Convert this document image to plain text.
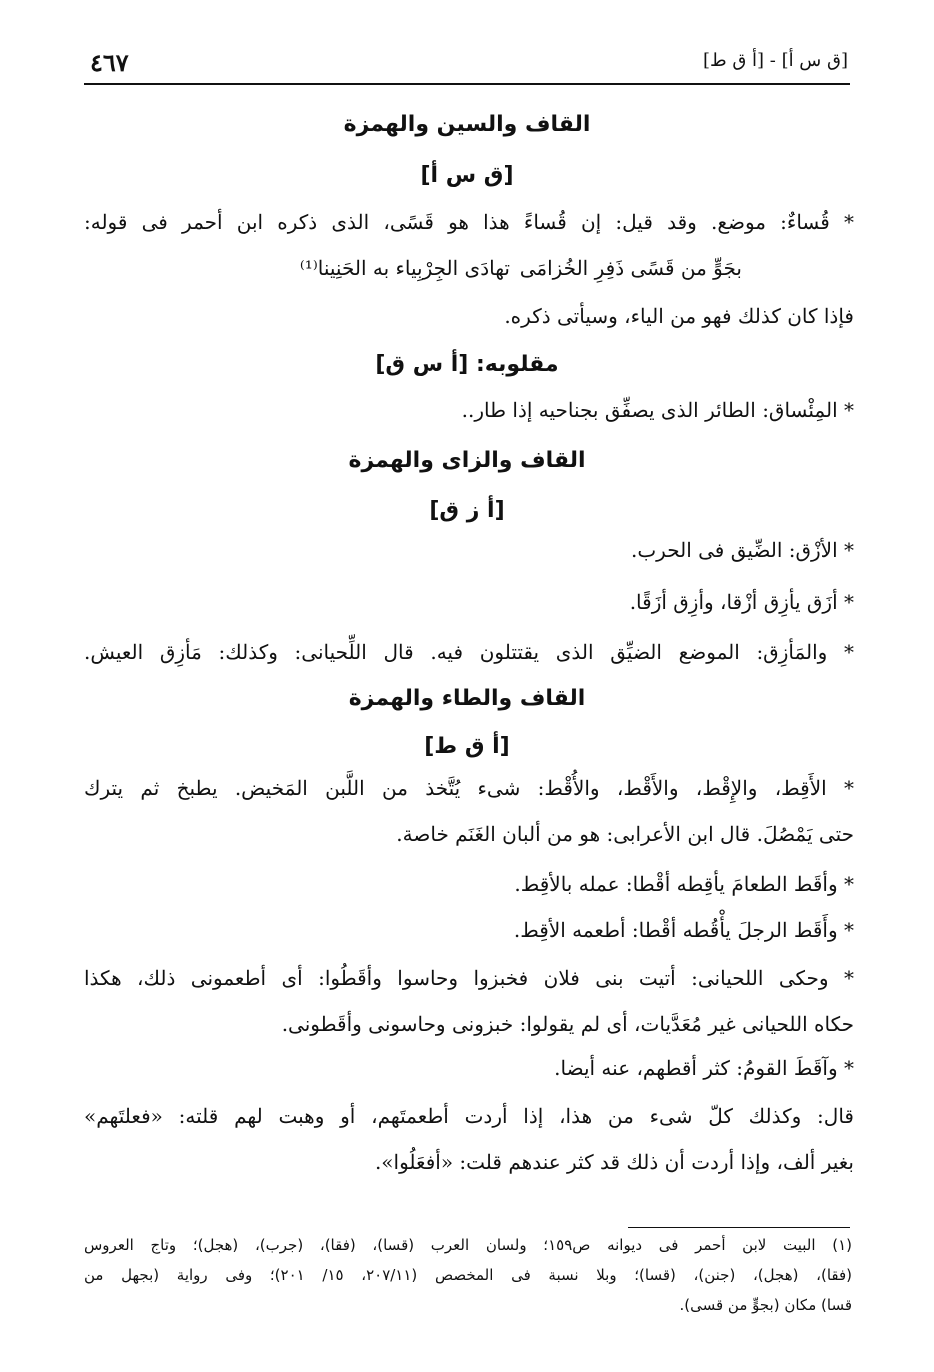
[ق س أ] - [أ ق ط]
٤٦٧
القاف والسين والهمزة
[ق س أ]
* قُساءٌ: موضع. وقد قيل: إن قُساءً هذا هو قَسًى، الذى ذكره ابن أحمر فى قوله:
بجَوٍّ من قَسًى ذَفِرِ الخُزامَى
تهادَى الجِرْبِياء به الحَنِينا⁽¹⁾
فإذا كان كذلك فهو من الياء، وسيأتى ذكره.
مقلوبه: [أ س ق]
* المِئْساق: الطائر الذى يصفِّق بجناحيه إذا طار..
القاف والزاى والهمزة
[أ ز ق]
* الأزْق: الضِّيق فى الحرب.
* أزَق يأزِق أزْقا، وأزِق أزَقًا.
* والمَأزِق: الموضع الضيِّق الذى يقتتلون فيه. قال اللِّحيانى: وكذلك: مَأزِق العيش.
القاف والطاء والهمزة
[أ ق ط]
* الأَقِط، والإِقْط، والأَقْط، والأُقْط: شىء يُتَّخذ من اللَّبن المَخيض. يطبخ ثم يترك
حتى يَمْصُلَ. قال ابن الأعرابى: هو من ألبان الغَنَم خاصة.
* وأقَط الطعامَ يأقِطه أقْطا: عمله بالأقِط.
* وأَقَط الرجلَ يأْقُطه أقْطا: أطعمه الأقِط.
* وحكى اللحيانى: أتيت بنى فلان فخبزوا وحاسوا وأقَطُوا: أى أطعمونى ذلك، هكذا
حكاه اللحيانى غير مُعَدَّيات، أى لم يقولوا: خبزونى وحاسونى وأقَطونى.
* وآقَطَ القومُ: كثر أقطهم، عنه أيضا.
قال: وكذلك كلّ شىء من هذا، إذا أردت أطعمتَهم، أو وهبت لهم قلته: «فعلتَهم»
بغير ألف، وإذا أردت أن ذلك قد كثر عندهم قلت: «أفعَلُوا».
(١) البيت لابن أحمر فى ديوانه ص١٥٩؛ ولسان العرب (قسا)، (فقا)، (جرب)، (هجل)؛ وتاج العروس
(فقا)، (هجل)، (جنن)، (قسا)؛ وبلا نسبة فى المخصص (٢٠٧/١١، ١٥/ ٢٠١)؛ وفى رواية (بجهل من
قسا) مكان (بجوٍّ من قسى).
